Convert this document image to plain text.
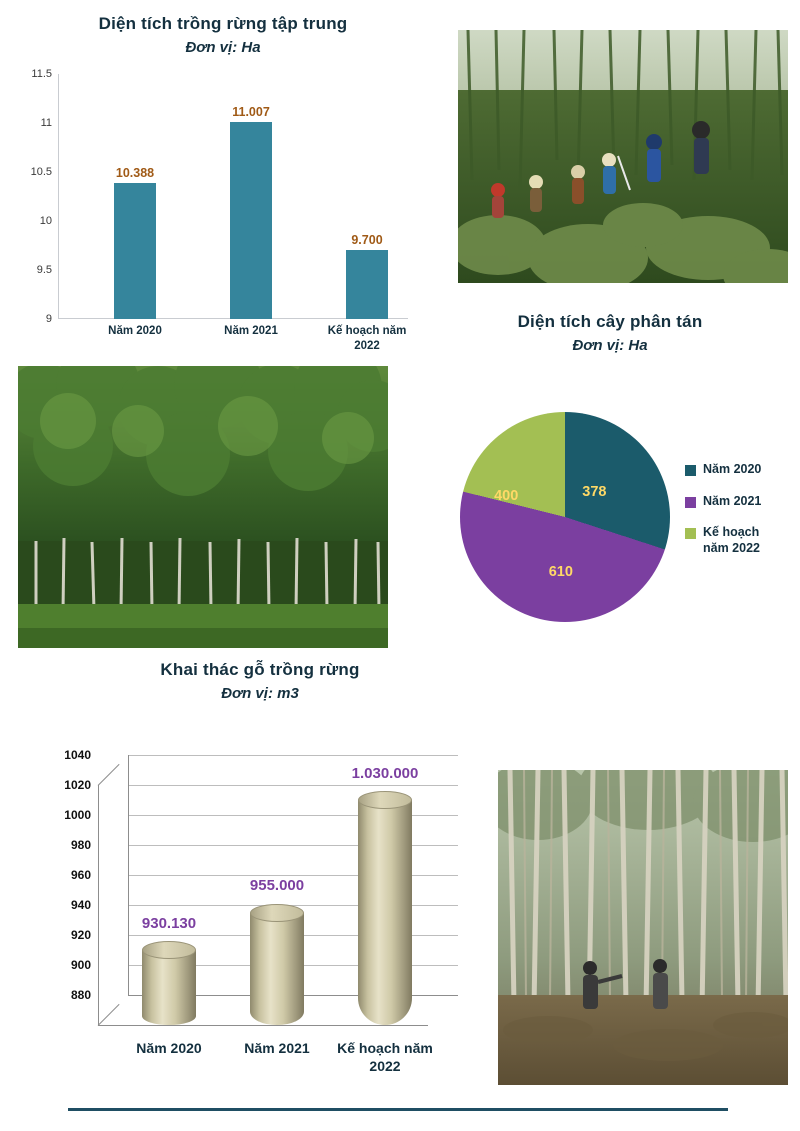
Diện tích trồng rừng tập trung
Đơn vị: Ha
11.5
11
10.5
10
9.5
9
10.388
11.007
9.700
Năm 2020	Năm 2021	Kế hoạch năm 2022
Diện tích cây phân tán
Đơn vị: Ha
378
610
400
Năm 2020
Năm 2021
Kế hoạch năm 2022
Khai thác gỗ trồng rừng
Đơn vị: m3
1040
1020
1000
980
960
940
920
900
880
930.130
955.000
1.030.000
Năm 2020	Năm 2021	Kế hoạch năm 2022
